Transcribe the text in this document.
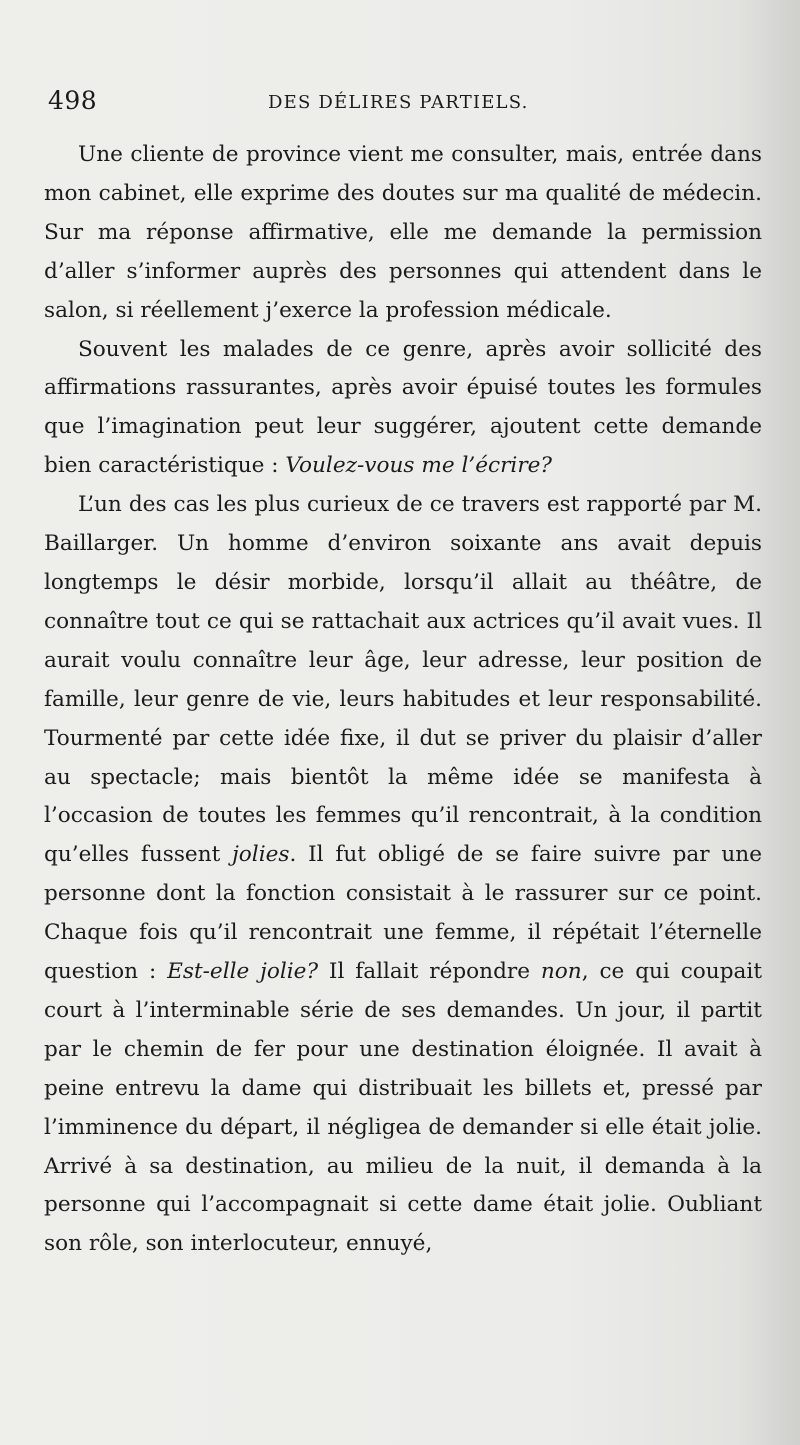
498	DES DÉLIRES PARTIELS.

Une cliente de province vient me consulter, mais, entrée dans mon cabinet, elle exprime des doutes sur ma qualité de médecin. Sur ma réponse affirmative, elle me demande la permission d’aller s’informer auprès des personnes qui attendent dans le salon, si réellement j’exerce la profession médicale.

Souvent les malades de ce genre, après avoir sollicité des affirmations rassurantes, après avoir épuisé toutes les formules que l’imagination peut leur suggérer, ajoutent cette demande bien caractéristique : Voulez-vous me l’écrire?

L’un des cas les plus curieux de ce travers est rapporté par M. Baillarger. Un homme d’environ soixante ans avait depuis longtemps le désir morbide, lorsqu’il allait au théâtre, de connaître tout ce qui se rattachait aux actrices qu’il avait vues. Il aurait voulu connaître leur âge, leur adresse, leur position de famille, leur genre de vie, leurs habitudes et leur responsabilité. Tourmenté par cette idée fixe, il dut se priver du plaisir d’aller au spectacle; mais bientôt la même idée se manifesta à l’occasion de toutes les femmes qu’il rencontrait, à la condition qu’elles fussent jolies. Il fut obligé de se faire suivre par une personne dont la fonction consistait à le rassurer sur ce point. Chaque fois qu’il rencontrait une femme, il répétait l’éternelle question : Est-elle jolie? Il fallait répondre non, ce qui coupait court à l’interminable série de ses demandes. Un jour, il partit par le chemin de fer pour une destination éloignée. Il avait à peine entrevu la dame qui distribuait les billets et, pressé par l’imminence du départ, il négligea de demander si elle était jolie. Arrivé à sa destination, au milieu de la nuit, il demanda à la personne qui l’accompagnait si cette dame était jolie. Oubliant son rôle, son interlocuteur, ennuyé,
